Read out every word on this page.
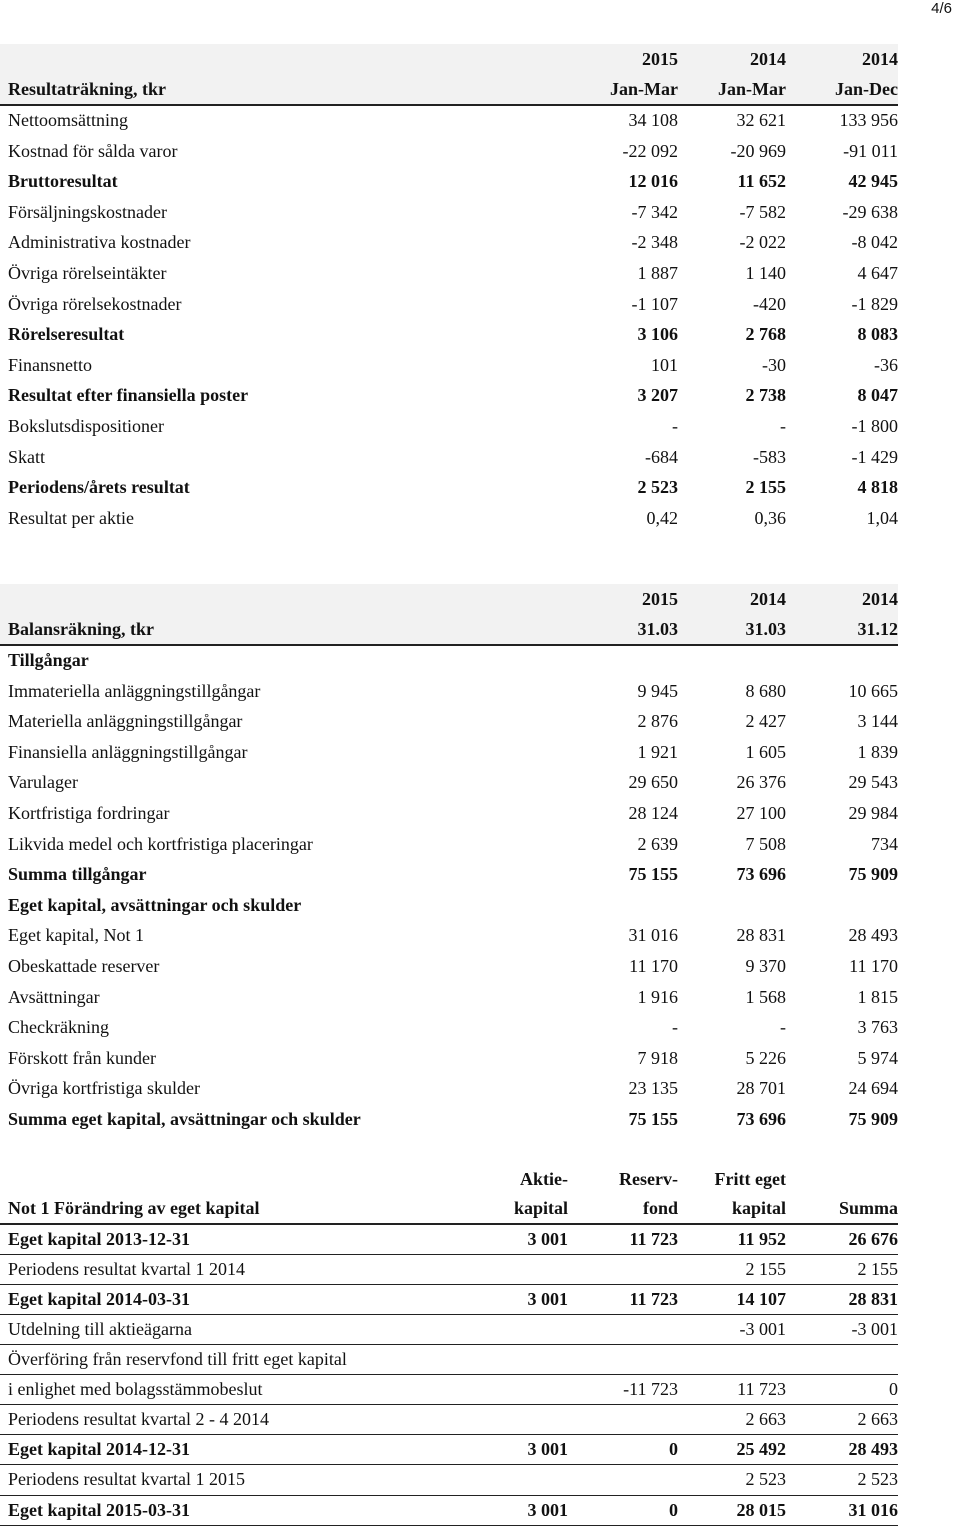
4/6
	2015	2014	2014
Resultaträkning, tkr	Jan-Mar	Jan-Mar	Jan-Dec
Nettoomsättning	34 108	32 621	133 956
Kostnad för sålda varor	-22 092	-20 969	-91 011
Bruttoresultat	12 016	11 652	42 945
Försäljningskostnader	-7 342	-7 582	-29 638
Administrativa kostnader	-2 348	-2 022	-8 042
Övriga rörelseintäkter	1 887	1 140	4 647
Övriga rörelsekostnader	-1 107	-420	-1 829
Rörelseresultat	3 106	2 768	8 083
Finansnetto	101	-30	-36
Resultat efter finansiella poster	3 207	2 738	8 047
Bokslutsdispositioner	-	-	-1 800
Skatt	-684	-583	-1 429
Periodens/årets resultat	2 523	2 155	4 818
Resultat per aktie	0,42	0,36	1,04
	2015	2014	2014
Balansräkning, tkr	31.03	31.03	31.12
Tillgångar			
Immateriella anläggningstillgångar	9 945	8 680	10 665
Materiella anläggningstillgångar	2 876	2 427	3 144
Finansiella anläggningstillgångar	1 921	1 605	1 839
Varulager	29 650	26 376	29 543
Kortfristiga fordringar	28 124	27 100	29 984
Likvida medel och kortfristiga placeringar	2 639	7 508	734
Summa tillgångar	75 155	73 696	75 909
Eget kapital, avsättningar och skulder			
Eget kapital, Not 1	31 016	28 831	28 493
Obeskattade reserver	11 170	9 370	11 170
Avsättningar	1 916	1 568	1 815
Checkräkning	-	-	3 763
Förskott från kunder	7 918	5 226	5 974
Övriga kortfristiga skulder	23 135	28 701	24 694
Summa eget kapital, avsättningar och skulder	75 155	73 696	75 909
	Aktie-	Reserv-	Fritt eget	
Not 1 Förändring av eget kapital	kapital	fond	kapital	Summa
Eget kapital 2013-12-31	3 001	11 723	11 952	26 676
Periodens resultat kvartal 1 2014			2 155	2 155
Eget kapital 2014-03-31	3 001	11 723	14 107	28 831
Utdelning till aktieägarna			-3 001	-3 001
Överföring från reservfond till fritt eget kapital				
i enlighet med bolagsstämmobeslut		-11 723	11 723	0
Periodens resultat kvartal 2 - 4 2014			2 663	2 663
Eget kapital 2014-12-31	3 001	0	25 492	28 493
Periodens resultat kvartal 1 2015			2 523	2 523
Eget kapital 2015-03-31	3 001	0	28 015	31 016
